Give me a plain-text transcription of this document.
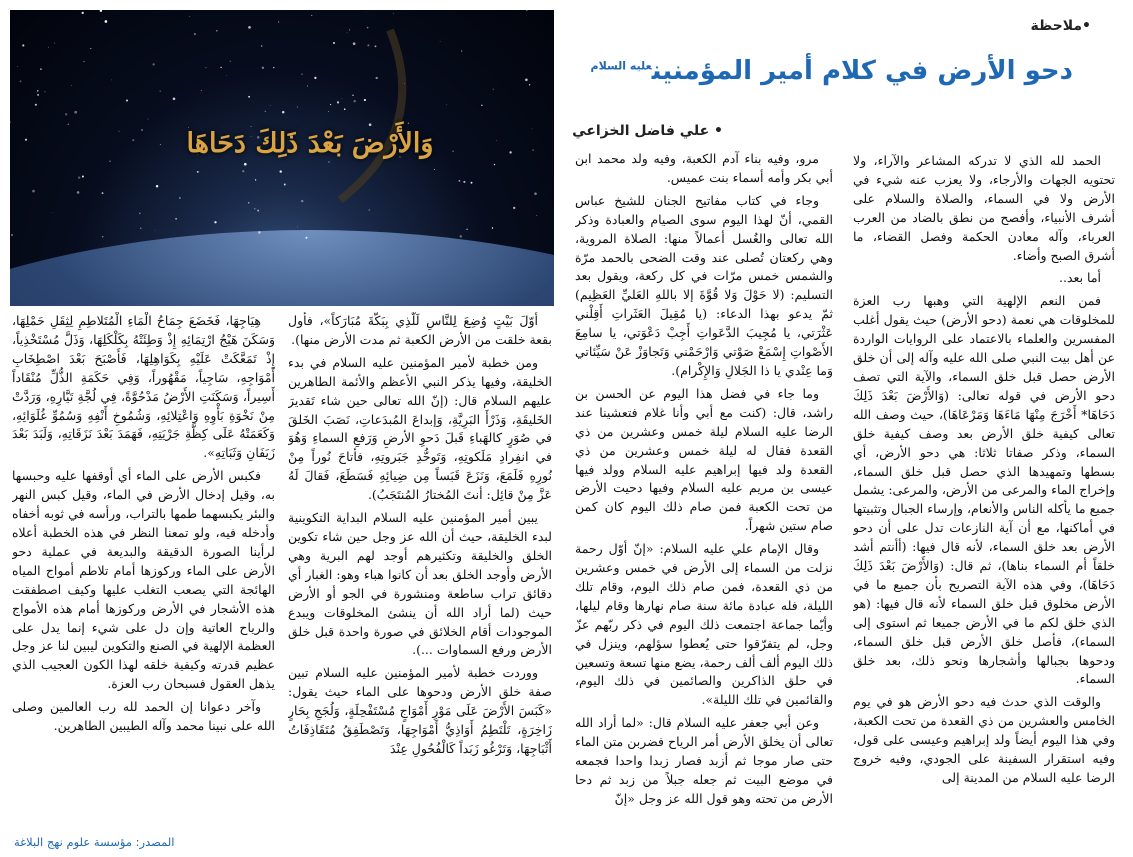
وَالأَرْضَ بَعْدَ ذَلِكَ دَحَاهَا
•ملاحظة
دحو الأرض في كلام أمير المؤمنين$^{عليه السلام}$
• علي فاضل الخزاعي

الحمد لله الذي لا تدركه المشاعر والآراء، ولا تحتويه الجهات والأرجاء، ولا يعزب عنه شيء في الأرض ولا في السماء، والصلاة والسلام على أشرف الأنبياء، وأفصح من نطق بالضاد من العرب العرباء، وآله معادن الحكمة وفصل القضاء، ما أشرق الصبح وأضاء.

أما بعد..

فمن النعم الإلهية التي وهبها رب العزة للمخلوقات هي نعمة (دحو الأرض) حيث يقول أغلب المفسرين والعلماء بالاعتماد على الروايات الواردة عن أهل بيت النبي صلى الله عليه وآله إلى أن خلق الأرض حصل قبل خلق السماء، والآية التي تصف دحو الأرض في قوله تعالى: (وَالأَرْضَ بَعْدَ ذَلِكَ دَحَاهَا* أَخْرَجَ مِنْهَا مَاءَهَا وَمَرْعَاهَا)، حيث وصف الله تعالى كيفية خلق الأرض بعد وصف كيفية خلق السماء، وذكر صفاتا ثلاثا: هي دحو الأرض، أي بسطها وتمهيدها الذي حصل قبل خلق السماء، وإخراج الماء والمرعى من الأرض، والمرعى: يشمل جميع ما يأكله الناس والأنعام، وإرساء الجبال وتثبيتها في أماكنها، مع أن آية النازعات تدل على أن دحو الأرض بعد خلق السماء، لأنه قال فيها: (أأنتم أشد خلقاً أم السماء بناها)، ثم قال: (وَالأَرْضَ بَعْدَ ذَلِكَ دَحَاهَا)، وفي هذه الآية التصريح بأن جميع ما في الأرض مخلوق قبل خلق السماء لأنه قال فيها: (هو الذي خلق لكم ما في الأرض جميعا ثم استوى إلى السماء)، فأصل خلق الأرض قبل خلق السماء، ودحوها بجبالها وأشجارها ونحو ذلك، بعد خلق السماء.

والوقت الذي حدث فيه دحو الأرض هو في يوم الخامس والعشرين من ذي القعدة من تحت الكعبة، وفي هذا اليوم أيضاً ولد إبراهيم وعيسى على قول، وفيه استقرار السفينة على الجودي، وفيه خروج الرضا عليه السلام من المدينة إلى

مرو، وفيه بناء آدم الكعبة، وفيه ولد محمد ابن أبي بكر وأمه أسماء بنت عميس.

وجاء في كتاب مفاتيح الجنان للشيخ عباس القمي، أنّ لهذا اليوم سوى الصيام والعبادة وذكر الله تعالى والغُسل أعمالاً منها: الصلاة المروية، وهي ركعتان تُصلى عند وقت الضحى بالحمد مرّة والشمس خمس مرّات في كل ركعة، ويقول بعد التسليم: (لا حَوْلَ وَلا قُوَّةَ إلا باللهِ العَليِّ العَظِيم) ثمّ يدعو بهذا الدعاء: (يا مُقِيلَ العَثَراتِ أَقِلْني عَثْرَتي، يا مُجِيبَ الدَّعَواتِ أَجِبْ دَعْوَتي، يا سامِعَ الأَصْواتِ إِسْمَعْ صَوْتي وَارْحَمْني وَتَجاوَزْ عَنْ سَيِّئاتي وَما عِنْدي يا ذا الجَلالِ وَالإِكْرام).

وما جاء في فضل هذا اليوم عن الحسن بن راشد، قال: (كنت مع أبي وأنا غلام فتعشينا عند الرضا عليه السلام ليلة خمس وعشرين من ذي القعدة فقال له ليلة خمس وعشرين من ذي القعدة ولد فيها إبراهيم عليه السلام وولد فيها عيسى بن مريم عليه السلام وفيها دحيت الأرض من تحت الكعبة فمن صام ذلك اليوم كان كمن صام ستين شهراً.

وقال الإمام علي عليه السلام: «إنّ أوّل رحمة نزلت من السماء إلى الأرض في خمس وعشرين من ذي القعدة، فمن صام ذلك اليوم، وقام تلك الليلة، فله عبادة مائة سنة صام نهارها وقام ليلها، وأيّما جماعة اجتمعت ذلك اليوم في ذكر ربّهم عزّ وجل، لم يتفرّقوا حتى يُعطوا سؤلهم، وينزل في ذلك اليوم ألف ألف رحمة، يضع منها تسعة وتسعين في حلق الذاكرين والصائمين في ذلك اليوم، والقائمين في تلك الليلة».

وعن أبي جعفر عليه السلام قال: «لما أراد الله تعالى أن يخلق الأرض أمر الرياح فضربن متن الماء حتى صار موجا ثم أزبد فصار زبدا واحدا فجمعه في موضع البيت ثم جعله جبلاً من زبد ثم دحا الأرض من تحته وهو قول الله عز وجل «إنّ

أوّلَ بَيْتٍ وُضِعَ لِلنَّاسِ لَلَّذِي بِبَكَّةَ مُبَارَكاً»، فأول بقعة خلقت من الأرض الكعبة ثم مدت الأرض منها).

ومن خطبة لأمير المؤمنين عليه السلام في بدء الخليقة، وفيها يذكر النبي الأعظم والأئمة الطاهرين عليهم السلام قال: (إنّ الله تعالى حين شاء تَقديرَ الخَليقَةِ، وَذَرْأَ البَرِيَّةِ، وَإبداعَ المُبدَعاتِ، نَصَبَ الخَلقَ في صُوَرٍ كالهَباءِ قَبلَ دَحوِ الأرضِ وَرَفعِ السماءِ وَهُوَ في انفِرادِ مَلَكوتِهِ، وَتَوحُّدِ جَبَروتِهِ، فأتاحَ نُوراً مِنْ نُورِهِ فَلَمَعَ، وَنَزَعَ قَبَساً مِن ضِيائِهِ فَسَطَعَ، فَقالَ لَهُ عَزَّ مِنْ قائِل: أنتَ المُختارُ المُنتَجَبُ).

يبين أمير المؤمنين عليه السلام البداية التكوينية لبدء الخليقة، حيث أن الله عز وجل حين شاء تكوين الخلق والخليقة وتكثيرهم أوجد لهم البرية وهي الأرض وأوجد الخلق بعد أن كانوا هباء وهو: الغبار أي دقائق تراب ساطعة ومنشورة في الجو أو الأرض حيث (لما أراد الله أن ينشئ المخلوقات ويبدع الموجودات أقام الخلائق في صورة واحدة قبل خلق الأرض ورفع السماوات ...).

ووردت خطبة لأمير المؤمنين عليه السلام تبين صفة خلق الأرض ودحوها على الماء حيث يقول: «كَبَسَ الأَرْضَ عَلَى مَوْرِ أَمْوَاجٍ مُسْتَفْحِلَةٍ، وَلُجَجِ بِحَارٍ زَاخِرَةٍ، تَلْتَطِمُ أَوَاذِيُّ أَمْوَاجِهَا، وَتَصْطَفِقُ مُتَقَاذِفَاتُ أَثْبَاجِهَا، وَتَرْغُو زَبَداً كَالْفُحُولِ عِنْدَ

هِيَاجِهَا، فَخَضَعَ جِمَاحُ الْمَاءِ الْمُتَلاطِمِ لِثِقَلِ حَمْلِهَا، وَسَكَنَ هَيْجُ ارْتِمَائِهِ إِذْ وَطِئَتْهُ بِكَلْكَلِهَا، وَذَلَّ مُسْتَخْذِياً، إِذْ تَمَعَّكَتْ عَلَيْهِ بِكَوَاهِلِهَا، فَأَصْبَحَ بَعْدَ اصْطِخَابِ أَمْوَاجِهِ، سَاجِياً، مَقْهُوراً، وَفِي حَكَمَةِ الذُّلِّ مُنْقَاداً أَسِيراً، وَسَكَنَتِ الأَرْضُ مَدْحُوَّةً، فِي لُجَّةِ تَيَّارِهِ، وَرَدَّتْ مِنْ نَخْوَةِ بَأْوِهِ وَاعْتِلائِهِ، وَشُمُوخِ أَنْفِهِ وَسُمُوِّ غُلَوَائِهِ، وَكَعَمَتْهُ عَلَى كِظَّةِ جَرْيَتِهِ، فَهَمَدَ بَعْدَ نَزَقَاتِهِ، وَلَبَدَ بَعْدَ زَيَفَانِ وَثَبَاتِهِ».

فكبس الأرض على الماء أي أوقفها عليه وحبسها به، وقيل إدخال الأرض في الماء، وقيل كبس النهر والبئر يكبسهما طمها بالتراب، ورأسه في ثوبه أخفاه وأدخله فيه، ولو تمعنا النظر في هذه الخطبة أعلاه لرأينا الصورة الدقيقة والبديعة في عملية دحو الأرض على الماء وركوزها أمام تلاطم أمواج المياه الهائجة التي يصعب التغلب عليها وكيف اصطفقت هذه الأشجار في الأرض وركوزها أمام هذه الأمواج والرياح العاتية وإن دل على شيء إنما يدل على العظمة الإلهية في الصنع والتكوين ليبين لنا عز وجل عظيم قدرته وكيفية خلقه لهذا الكون العجيب الذي يذهل العقول فسبحان رب العزة.

وآخر دعوانا إن الحمد لله رب العالمين وصلى الله على نبينا محمد وآله الطيبين الطاهرين.

المصدر: مؤسسة علوم نهج البلاغة
